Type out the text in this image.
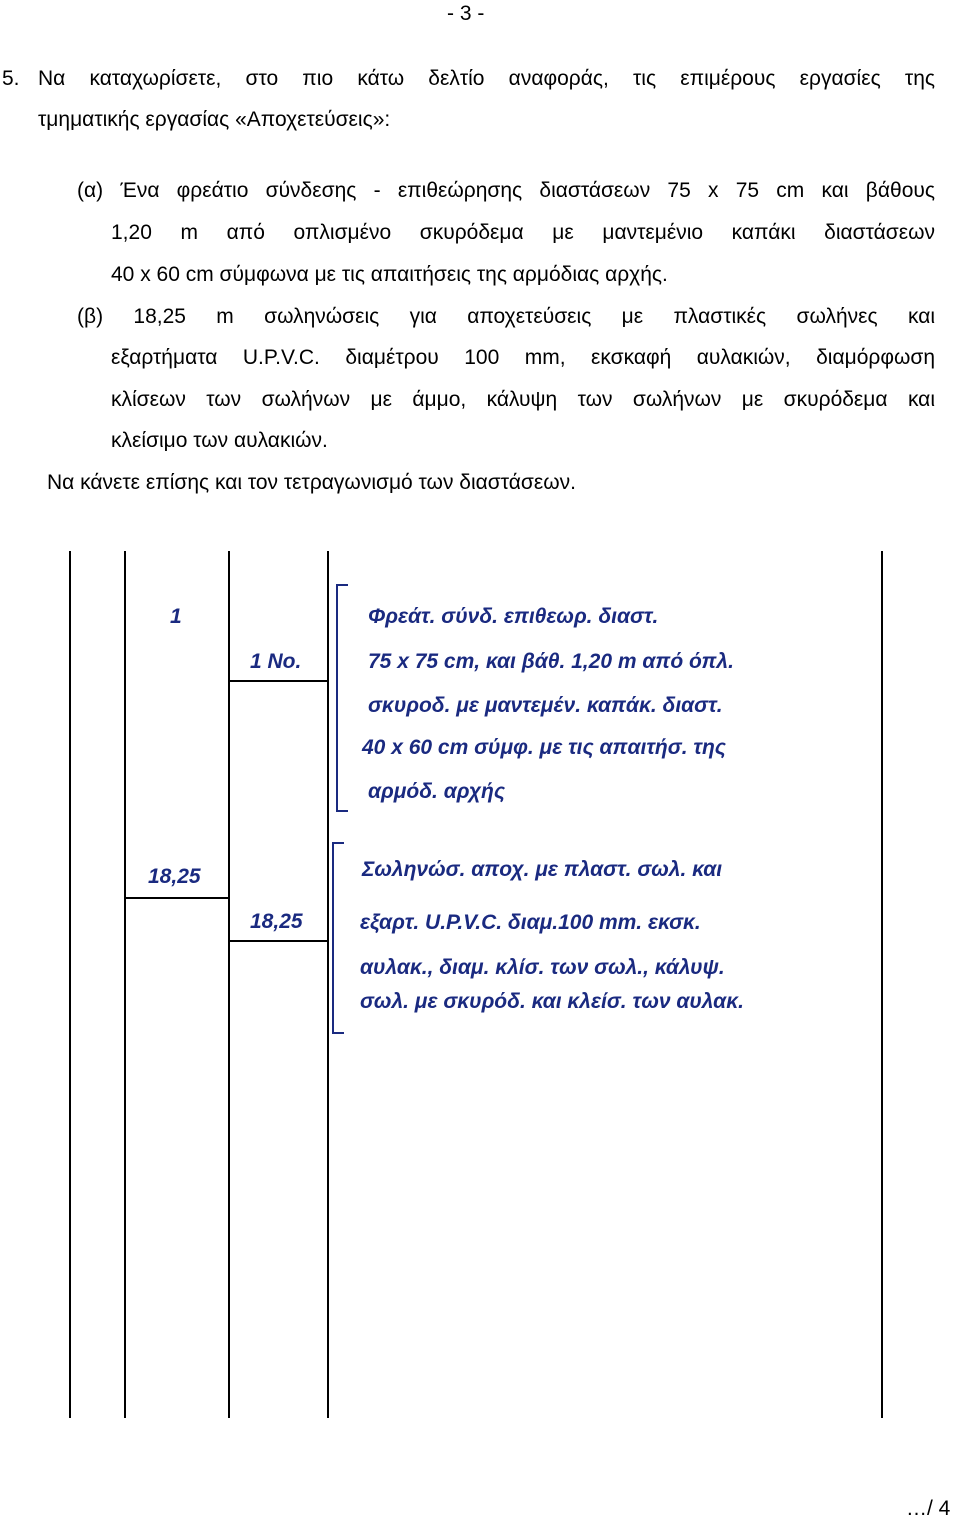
- 3 -
5. Να καταχωρίσετε, στο πιο κάτω δελτίο αναφοράς, τις επιμέρους εργασίες της
τμηματικής εργασίας «Αποχετεύσεις»:
(α) Ένα φρεάτιο σύνδεσης - επιθεώρησης διαστάσεων 75 x 75 cm και βάθους
1,20 m από οπλισμένο σκυρόδεμα με μαντεμένιο καπάκι διαστάσεων
40 x 60 cm σύμφωνα με τις απαιτήσεις της αρμόδιας αρχής.
(β) 18,25 m σωληνώσεις για αποχετεύσεις με πλαστικές σωλήνες και
εξαρτήματα U.P.V.C. διαμέτρου 100 mm, εκσκαφή αυλακιών, διαμόρφωση
κλίσεων των σωλήνων με άμμο, κάλυψη των σωλήνων με σκυρόδεμα και
κλείσιμο των αυλακιών.
Να κάνετε επίσης και τον τετραγωνισμό των διαστάσεων.
1
1 No.
Φρεάτ. σύνδ. επιθεωρ. διαστ.
75 x 75 cm, και βάθ. 1,20 m από όπλ.
σκυροδ. με μαντεμέν. καπάκ. διαστ.
40 x 60 cm σύμφ. με τις απαιτήσ. της
αρμόδ. αρχής
18,25
18,25
Σωληνώσ. αποχ. με πλαστ. σωλ. και
εξαρτ. U.P.V.C. διαμ.100 mm. εκσκ.
αυλακ., διαμ. κλίσ. των σωλ., κάλυψ.
σωλ. με σκυρόδ. και κλείσ. των αυλακ.
…/ 4
